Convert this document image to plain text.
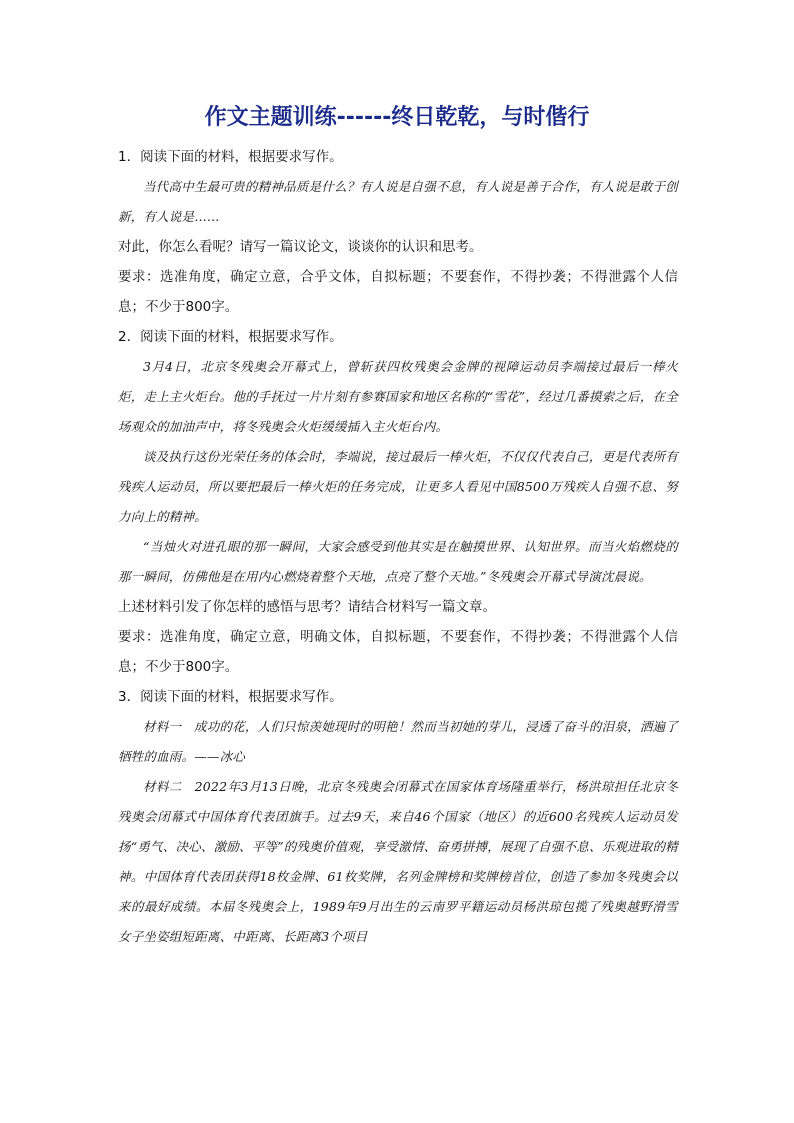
作文主题训练------终日乾乾，与时偕行

1．阅读下面的材料，根据要求写作。

当代高中生最可贵的精神品质是什么？有人说是自强不息，有人说是善于合作，有人说是敢于创新，有人说是……

对此，你怎么看呢？请写一篇议论文，谈谈你的认识和思考。

要求：选准角度，确定立意，合乎文体，自拟标题；不要套作，不得抄袭；不得泄露个人信息；不少于800字。

2．阅读下面的材料，根据要求写作。

3月4日，北京冬残奥会开幕式上，曾斩获四枚残奥会金牌的视障运动员李端接过最后一棒火炬，走上主火炬台。他的手抚过一片片刻有参赛国家和地区名称的“雪花”，经过几番摸索之后，在全场观众的加油声中，将冬残奥会火炬缓缓插入主火炬台内。

谈及执行这份光荣任务的体会时，李端说，接过最后一棒火炬，不仅仅代表自己，更是代表所有残疾人运动员，所以要把最后一棒火炬的任务完成，让更多人看见中国8500万残疾人自强不息、努力向上的精神。

“当烛火对进孔眼的那一瞬间，大家会感受到他其实是在触摸世界、认知世界。而当火焰燃烧的那一瞬间，仿佛他是在用内心燃烧着整个天地，点亮了整个天地。”冬残奥会开幕式导演沈晨说。

上述材料引发了你怎样的感悟与思考？请结合材料写一篇文章。

要求：选准角度，确定立意，明确文体，自拟标题，不要套作，不得抄袭；不得泄露个人信息；不少于800字。

3．阅读下面的材料，根据要求写作。

材料一　成功的花，人们只惊羡她现时的明艳！然而当初她的芽儿，浸透了奋斗的泪泉，洒遍了牺牲的血雨。——冰心

材料二　2022年3月13日晚，北京冬残奥会闭幕式在国家体育场隆重举行，杨洪琼担任北京冬残奥会闭幕式中国体育代表团旗手。过去9天，来自46个国家（地区）的近600名残疾人运动员发扬“勇气、决心、激励、平等”的残奥价值观，享受激情、奋勇拼搏，展现了自强不息、乐观进取的精神。中国体育代表团获得18枚金牌、61枚奖牌，名列金牌榜和奖牌榜首位，创造了参加冬残奥会以来的最好成绩。本届冬残奥会上，1989年9月出生的云南罗平籍运动员杨洪琼包揽了残奥越野滑雪女子坐姿组短距离、中距离、长距离3个项目
